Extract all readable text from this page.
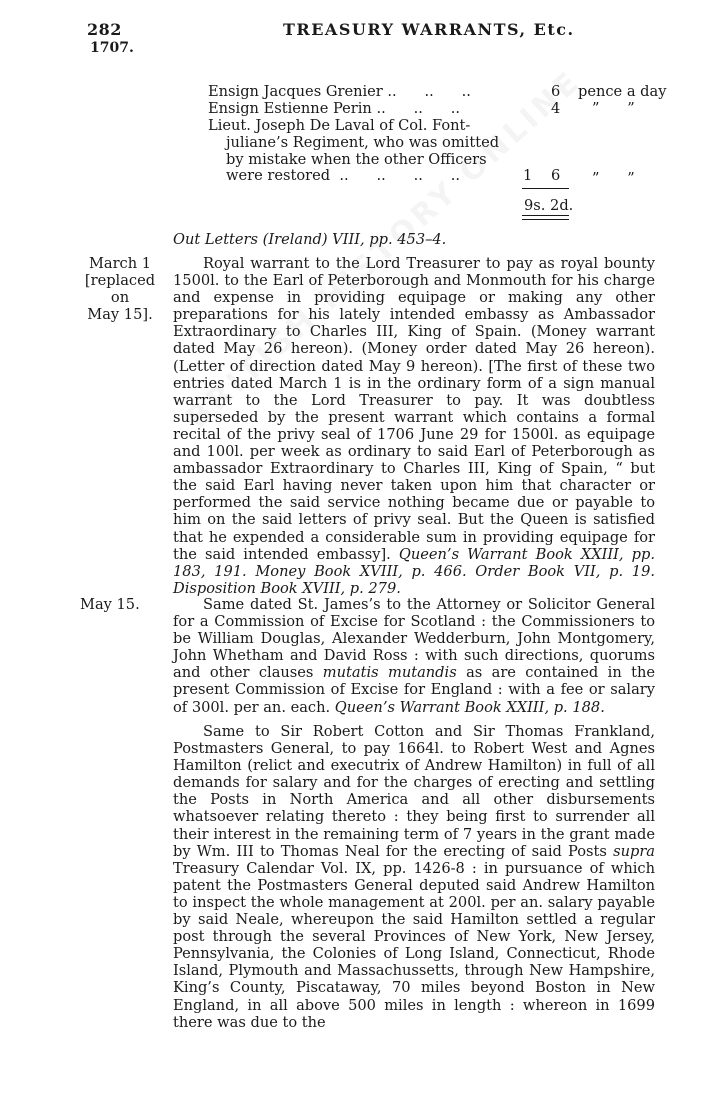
282	TREASURY WARRANTS, Etc.
1707.
Ensign Jacques Grenier ..      ..      ..	6 pence a day
Ensign Estienne Perin ..      ..      ..	4 ”      ”
Lieut. Joseph De Laval of Col. Font-
juliane’s Regiment, who was omitted
by mistake when the other Officers
were restored  ..      ..      ..      ..	1 6 ”      ”
9s. 2d.
Out Letters (Ireland) VIII, pp. 453–4.
March 1
[replaced
on
May 15].

Royal warrant to the Lord Treasurer to pay as royal bounty 1500l. to the Earl of Peterborough and Monmouth for his charge and expense in providing equipage or making any other preparations for his lately intended embassy as Ambassador Extraordinary to Charles III, King of Spain. (Money warrant dated May 26 hereon). (Money order dated May 26 hereon). (Letter of direction dated May 9 hereon). [The first of these two entries dated March 1 is in the ordinary form of a sign manual warrant to the Lord Treasurer to pay. It was doubtless superseded by the present warrant which contains a formal recital of the privy seal of 1706 June 29 for 1500l. as equipage and 100l. per week as ordinary to said Earl of Peterborough as ambassador Extraordinary to Charles III, King of Spain, “ but the said Earl having never taken upon him that character or performed the said service nothing became due or payable to him on the said letters of privy seal. But the Queen is satisfied that he expended a considerable sum in providing equipage for the said intended embassy]. Queen’s Warrant Book XXIII, pp. 183, 191. Money Book XVIII, p. 466. Order Book VII, p. 19. Disposition Book XVIII, p. 279.

May 15.	Same dated St. James’s to the Attorney or Solicitor General for a Commission of Excise for Scotland : the Commissioners to be William Douglas, Alexander Wedderburn, John Montgomery, John Whetham and David Ross : with such directions, quorums and other clauses mutatis mutandis as are contained in the present Commission of Excise for England : with a fee or salary of 300l. per an. each. Queen’s Warrant Book XXIII, p. 188.

Same to Sir Robert Cotton and Sir Thomas Frankland, Postmasters General, to pay 1664l. to Robert West and Agnes Hamilton (relict and executrix of Andrew Hamilton) in full of all demands for salary and for the charges of erecting and settling the Posts in North America and all other disbursements whatsoever relating thereto : they being first to surrender all their interest in the remaining term of 7 years in the grant made by Wm. III to Thomas Neal for the erecting of said Posts supra Treasury Calendar Vol. IX, pp. 1426-8 : in pursuance of which patent the Postmasters General deputed said Andrew Hamilton to inspect the whole management at 200l. per an. salary payable by said Neale, whereupon the said Hamilton settled a regular post through the several Provinces of New York, New Jersey, Pennsylvania, the Colonies of Long Island, Connecticut, Rhode Island, Plymouth and Massachussetts, through New Hampshire, King’s County, Piscataway, 70 miles beyond Boston in New England, in all above 500 miles in length : whereon in 1699 there was due to the
